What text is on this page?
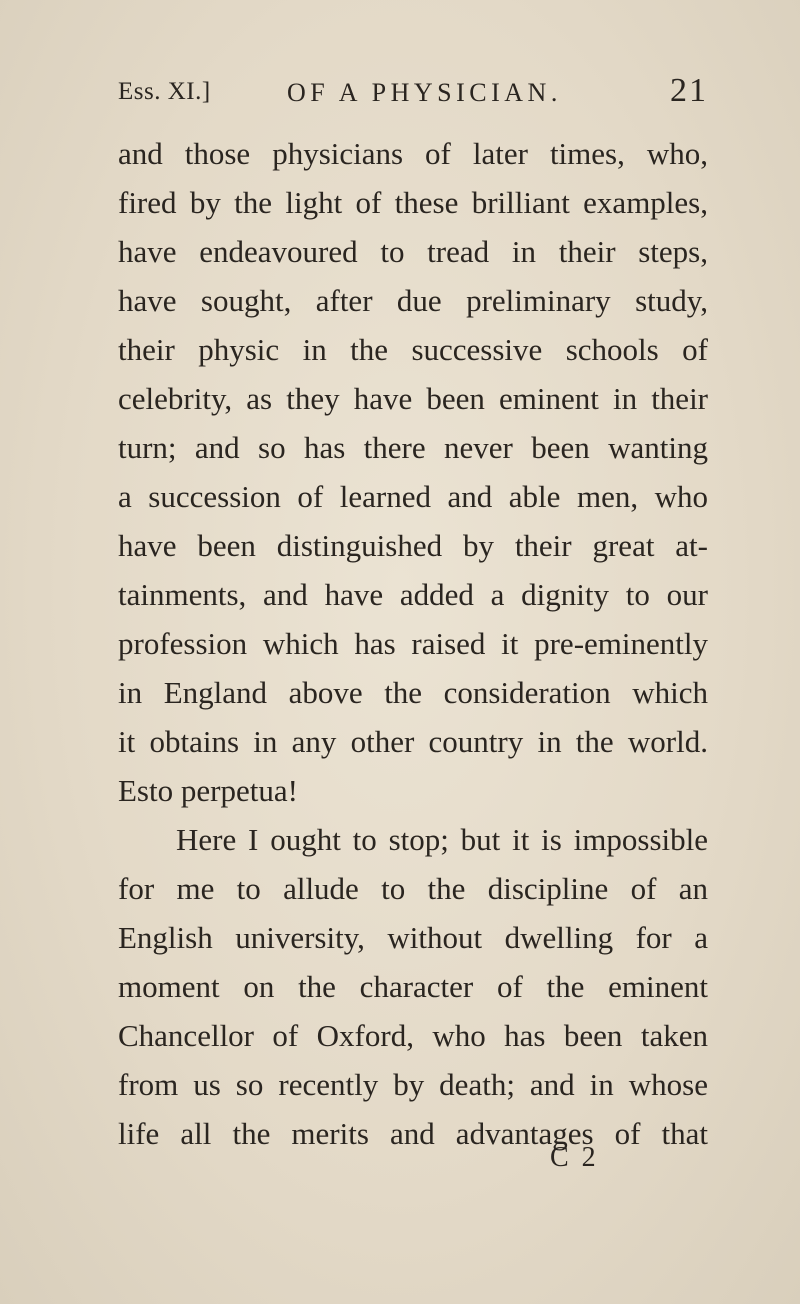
Ess. XI.]	OF A PHYSICIAN.	21
and those physicians of later times, who,
fired by the light of these brilliant examples,
have endeavoured to tread in their steps,
have sought, after due preliminary study,
their physic in the successive schools of
celebrity, as they have been eminent in their
turn; and so has there never been wanting
a succession of learned and able men, who
have been distinguished by their great at-
tainments, and have added a dignity to our
profession which has raised it pre-eminently
in England above the consideration which
it obtains in any other country in the world.
Esto perpetua!
Here I ought to stop; but it is impossible
for me to allude to the discipline of an
English university, without dwelling for a
moment on the character of the eminent
Chancellor of Oxford, who has been taken
from us so recently by death; and in whose
life all the merits and advantages of that
C 2
